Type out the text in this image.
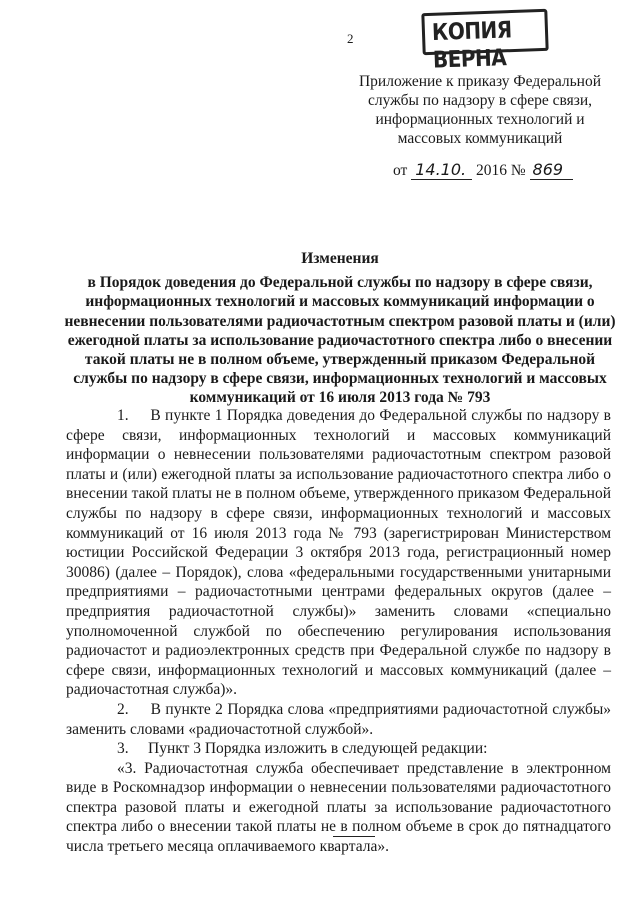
2	КОПИЯ ВЕРНА
Приложение к приказу Федеральной службы по надзору в сфере связи, информационных технологий и массовых коммуникаций
от 14.10. 2016 № 869

Изменения

в Порядок доведения до Федеральной службы по надзору в сфере связи, информационных технологий и массовых коммуникаций информации о невнесении пользователями радиочастотным спектром разовой платы и (или) ежегодной платы за использование радиочастотного спектра либо о внесении такой платы не в полном объеме, утвержденный приказом Федеральной службы по надзору в сфере связи, информационных технологий и массовых коммуникаций от 16 июля 2013 года № 793

1.     В пункте 1 Порядка доведения до Федеральной службы по надзору в сфере связи, информационных технологий и массовых коммуникаций информации о невнесении пользователями радиочастотным спектром разовой платы и (или) ежегодной платы за использование радиочастотного спектра либо о внесении такой платы не в полном объеме, утвержденного приказом Федеральной службы по надзору в сфере связи, информационных технологий и массовых коммуникаций от 16 июля 2013 года № 793 (зарегистрирован Министерством юстиции Российской Федерации 3 октября 2013 года, регистрационный номер 30086) (далее – Порядок), слова «федеральными государственными унитарными предприятиями – радиочастотными центрами федеральных округов (далее – предприятия радиочастотной службы)» заменить словами «специально уполномоченной службой по обеспечению регулирования использования радиочастот и радиоэлектронных средств при Федеральной службе по надзору в сфере связи, информационных технологий и массовых коммуникаций (далее – радиочастотная служба)».

2.     В пункте 2 Порядка слова «предприятиями радиочастотной службы» заменить словами «радиочастотной службой».

3.     Пункт 3 Порядка изложить в следующей редакции:

«3. Радиочастотная служба обеспечивает представление в электронном виде в Роскомнадзор информации о невнесении пользователями радиочастотного спектра разовой платы и ежегодной платы за использование радиочастотного спектра либо о внесении такой платы не в полном объеме в срок до пятнадцатого числа третьего месяца оплачиваемого квартала».
